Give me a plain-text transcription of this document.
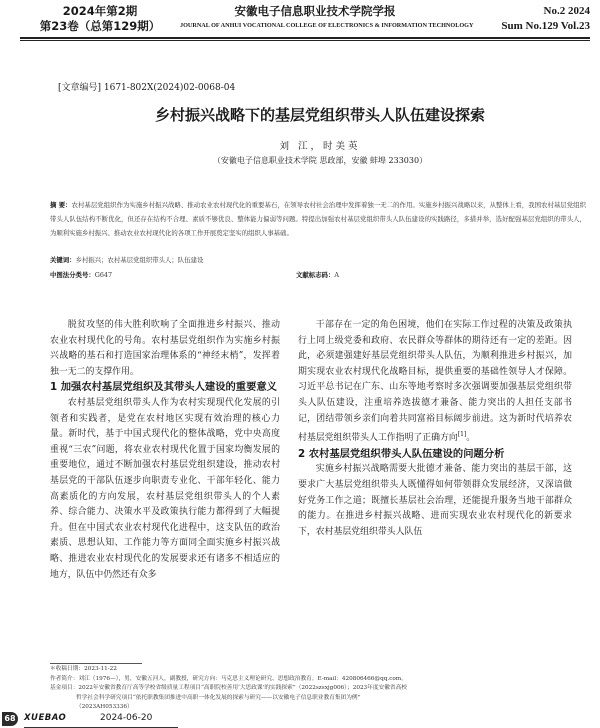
2024年第2期
第23卷（总第129期）
安徽电子信息职业技术学院学报
JOURNAL OF ANHUI VOCATIONAL COLLEGE OF ELECTRONICS & INFORMATION TECHNOLOGY
No.2 2024
Sum No.129 Vol.23
[文章编号] 1671-802X(2024)02-0068-04
乡村振兴战略下的基层党组织带头人队伍建设探索
刘 江，时美英
（安徽电子信息职业技术学院 思政部，安徽 蚌埠 233030）
摘 要：农村基层党组织作为实施乡村振兴战略、推动农业农村现代化的重要基石，在领导农村社会治理中发挥着独一无二的作用。实施乡村振兴战略以来，从整体上看，我国农村基层党组织带头人队伍结构不断优化，但还存在结构不合理、素质不够优良、整体能力偏弱等问题。特提出加强农村基层党组织带头人队伍建设的实践路径，多措并举，选好配强基层党组织的带头人，为顺利实施乡村振兴、推动农业农村现代化的各项工作开展奠定坚实的组织人事基础。
关键词：乡村振兴；农村基层党组织带头人；队伍建设
中图法分类号：G647	文献标志码：A

脱贫攻坚的伟大胜利吹响了全面推进乡村振兴、推动农业农村现代化的号角。农村基层党组织作为实施乡村振兴战略的基石和打造国家治理体系的“神经末梢”，发挥着独一无二的支撑作用。

1 加强农村基层党组织及其带头人建设的重要意义

农村基层党组织带头人作为农村实现现代化发展的引领者和实践者，是党在农村地区实现有效治理的核心力量。新时代，基于中国式现代化的整体战略，党中央高度重视“三农”问题，将农业农村现代化置于国家均衡发展的重要地位，通过不断加强农村基层党组织建设，推动农村基层党的干部队伍逐步向职责专业化、干部年轻化、能力高素质化的方向发展，农村基层党组织带头人的个人素养、综合能力、决策水平及政策执行能力都得到了大幅提升。但在中国式农业农村现代化进程中，这支队伍的政治素质、思想认知、工作能力等方面同全面实施乡村振兴战略、推进农业农村现代化的发展要求还有诸多不相适应的地方，队伍中仍然还有众多

干部存在一定的角色困境，他们在实际工作过程的决策及政策执行上同上级党委和政府、农民群众等群体的期待还有一定的差距。因此，必须建强建好基层党组织带头人队伍，为顺利推进乡村振兴，加期实现农业农村现代化战略目标，提供重要的基础性领导人才保障。习近平总书记在广东、山东等地考察时多次强调要加强基层党组织带头人队伍建设，注重培养选拔德才兼备、能力突出的人担任支部书记，团结带领乡亲们向着共同富裕目标阔步前进。这为新时代培养农村基层党组织带头人工作指明了正确方向[1]。

2 农村基层党组织带头人队伍建设的问题分析

实施乡村振兴战略需要大批德才兼备、能力突出的基层干部，这要求广大基层党组织带头人既懂得如何带领群众发展经济，又深谙做好党务工作之道；既擅长基层社会治理，还能提升服务当地干部群众的能力。在推进乡村振兴战略、进而实现农业农村现代化的新要求下，农村基层党组织带头人队伍

＊收稿日期：2023-11-22
作者简介：刘江（1976—），男，安徽五河人，副教授，研究方向：马克思主义理论研究、思想政治教育。E-mail：420806466@qq.com。
基金项目：2022年安徽省教育厅高等学校省级质量工程项目“高职院校善用‘大思政课’的实践探索”（2022szsxjg006）；2023年度安徽省高校
哲学社会科学研究项目“依托职教集团推进中高职一体化发展的探索与研究——以安徽电子信息职业教育集团为例”
（2023AH053336）
68 XUEBAO	2024-06-20
